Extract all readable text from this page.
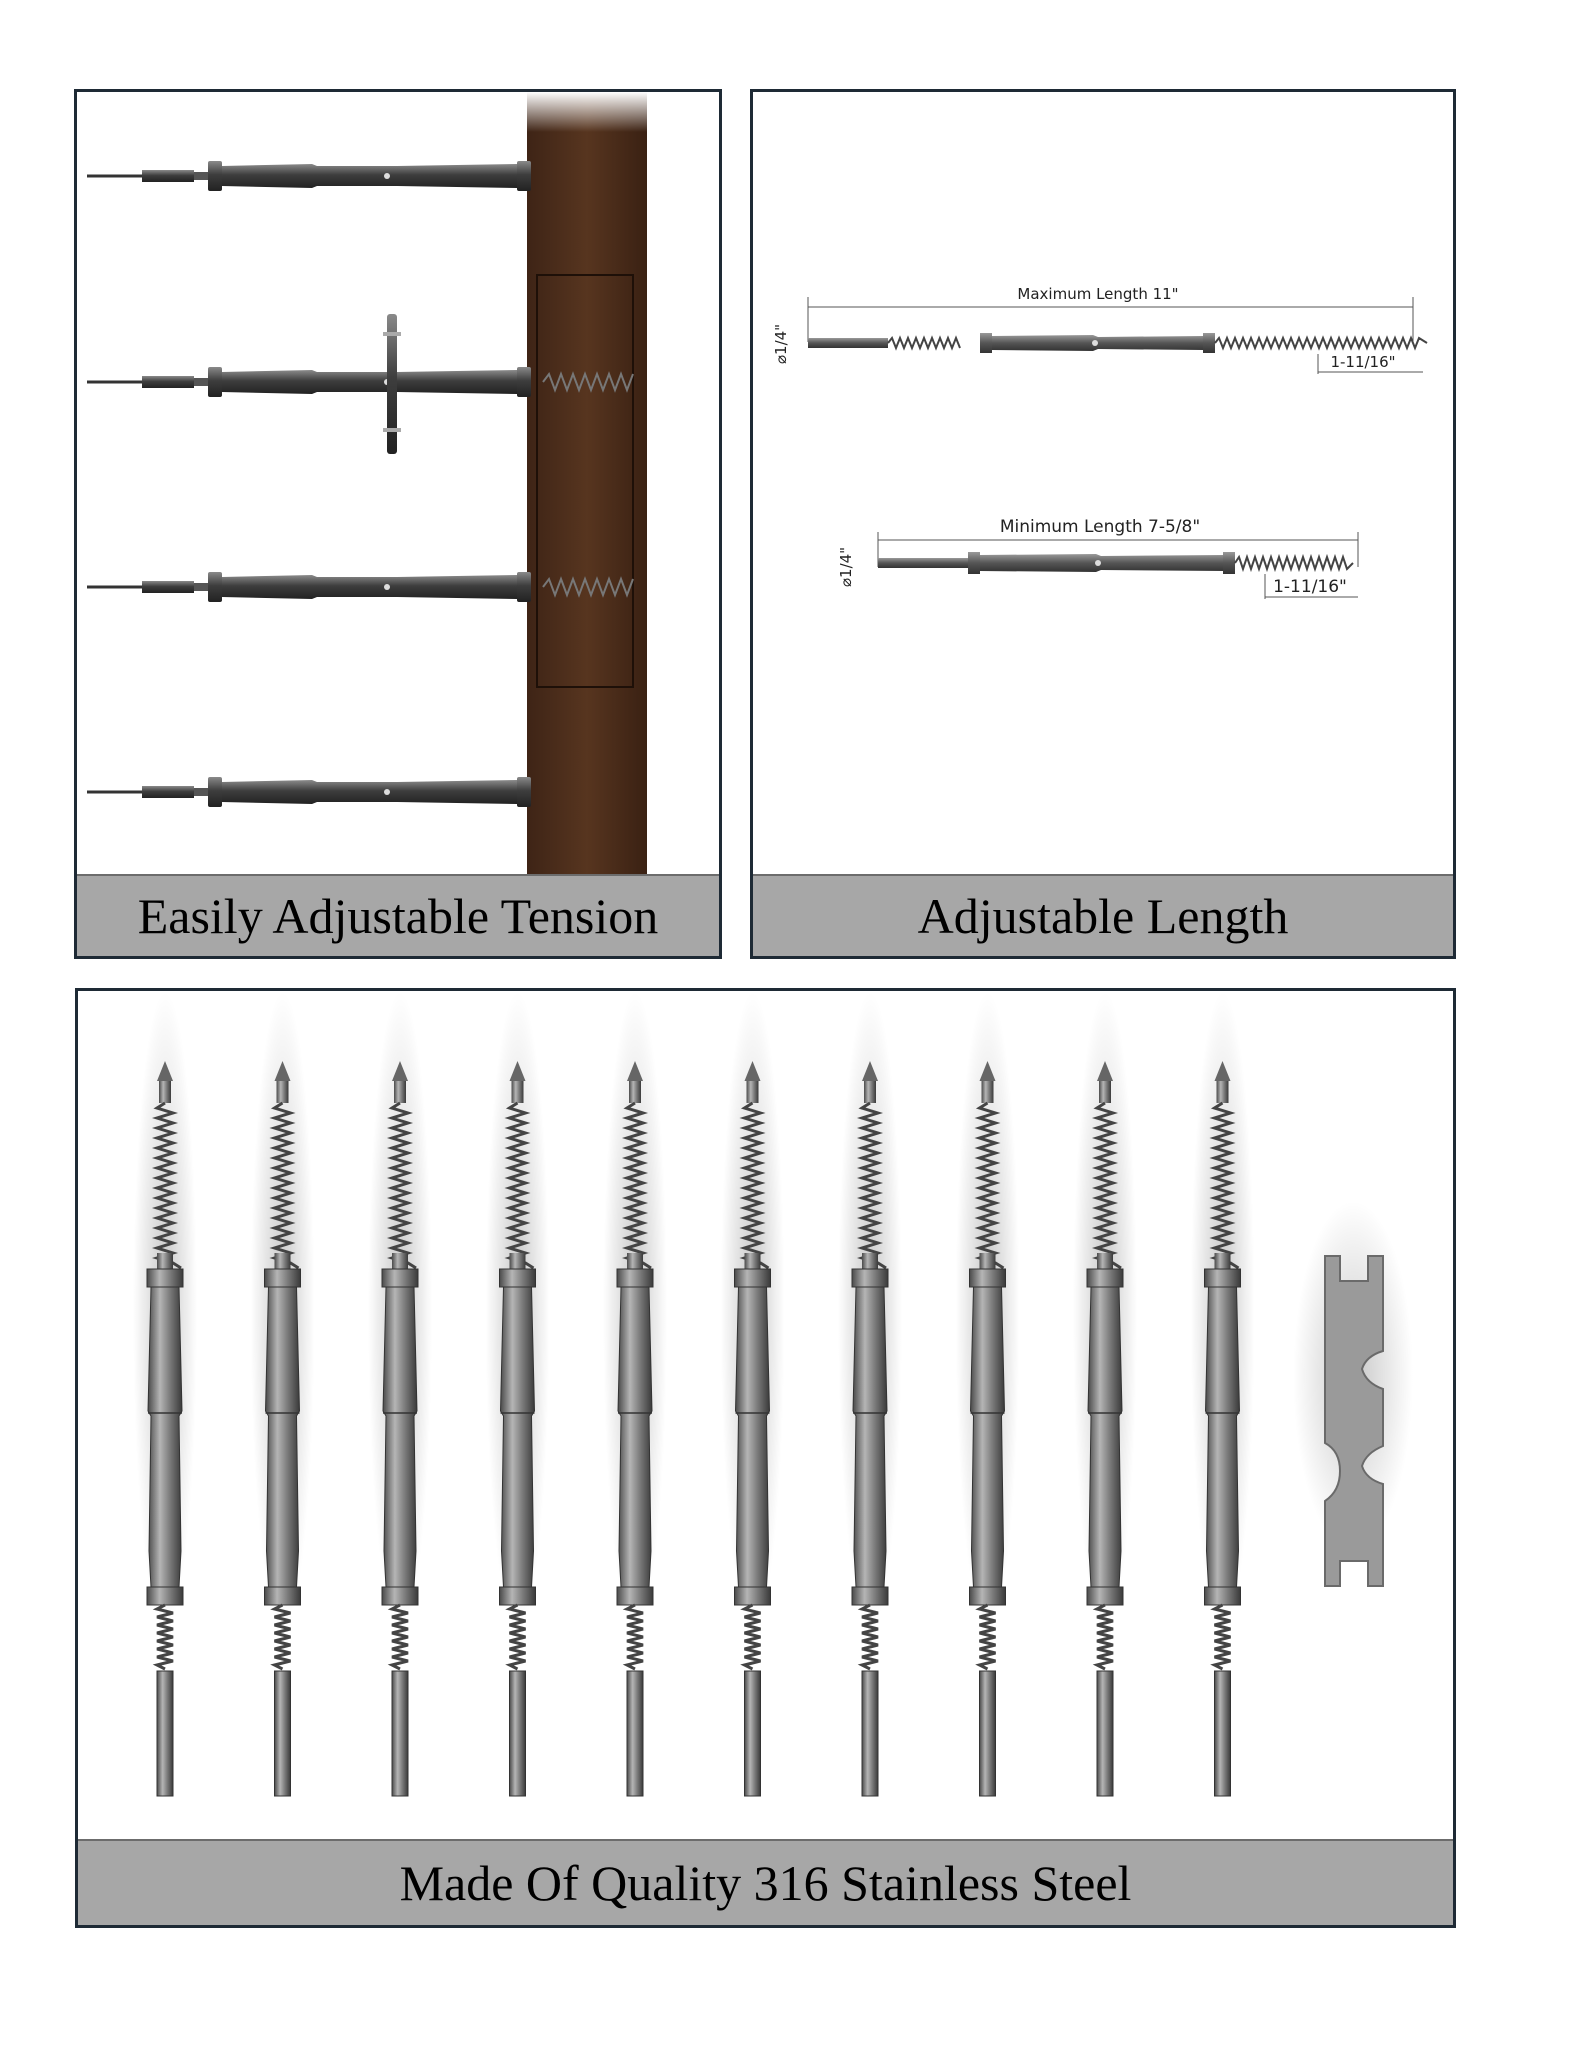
Easily Adjustable Tension
Maximum Length 11"
⌀1/4"	1-11/16"
Minimum Length 7-5/8"
⌀1/4"	1-11/16"
Adjustable Length
Made Of Quality 316 Stainless Steel
